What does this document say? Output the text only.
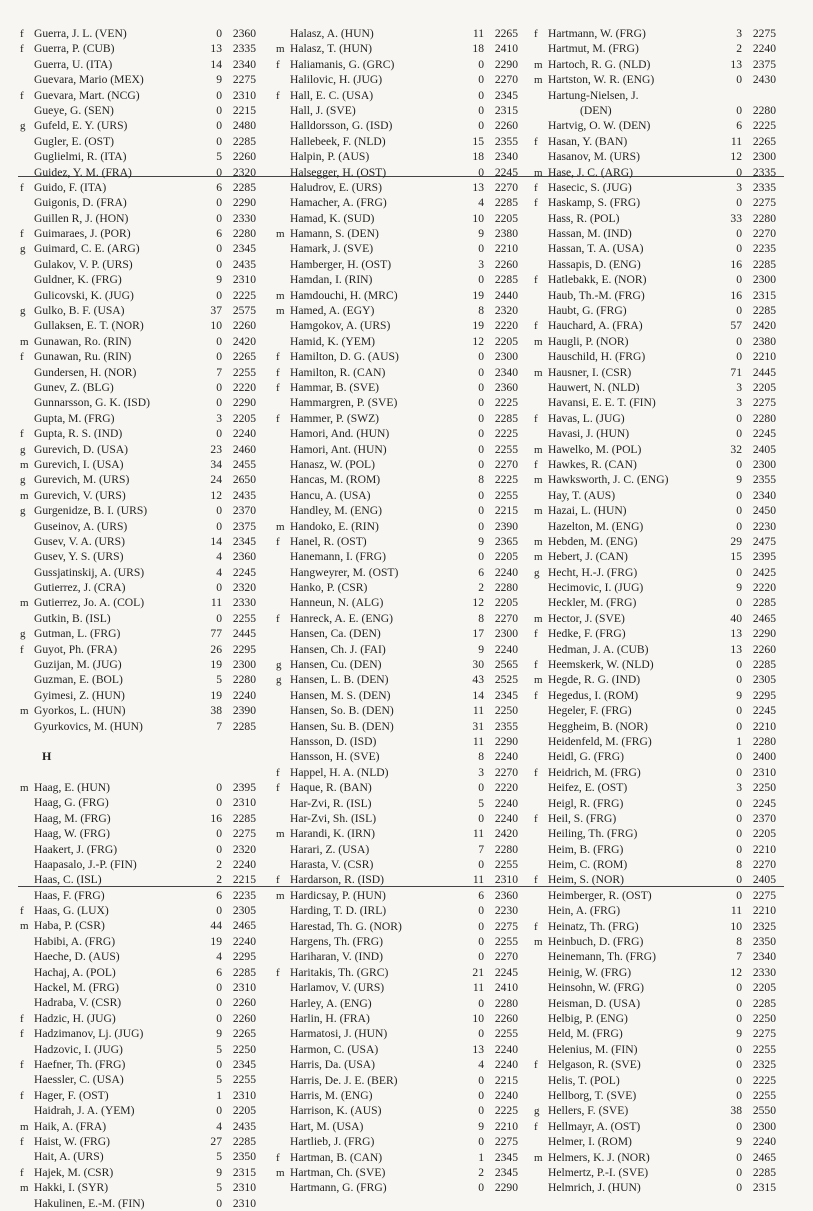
f Guerra, J. L. (VEN)	0 2360
f Guerra, P. (CUB)	13 2335
Guerra, U. (ITA)	14 2340
Guevara, Mario (MEX)	9 2275
f Guevara, Mart. (NCG)	0 2310
Gueye, G. (SEN)	0 2215
g Gufeld, E. Y. (URS)	0 2480
Gugler, E. (OST)	0 2285
Guglielmi, R. (ITA)	5 2260
Guidez, Y. M. (FRA)	0 2320
f Guido, F. (ITA)	6 2285
Guigonis, D. (FRA)	0 2290
Guillen R, J. (HON)	0 2330
f Guimaraes, J. (POR)	6 2280
g Guimard, C. E. (ARG)	0 2345
Gulakov, V. P. (URS)	0 2435
Guldner, K. (FRG)	9 2310
Gulicovski, K. (JUG)	0 2225
g Gulko, B. F. (USA)	37 2575
Gullaksen, E. T. (NOR)	10 2260
m Gunawan, Ro. (RIN)	0 2420
f Gunawan, Ru. (RIN)	0 2265
Gundersen, H. (NOR)	7 2255
Gunev, Z. (BLG)	0 2220
Gunnarsson, G. K. (ISD)	0 2290
Gupta, M. (FRG)	3 2205
f Gupta, R. S. (IND)	0 2240
g Gurevich, D. (USA)	23 2460
m Gurevich, I. (USA)	34 2455
g Gurevich, M. (URS)	24 2650
m Gurevich, V. (URS)	12 2435
g Gurgenidze, B. I. (URS)	0 2370
Guseinov, A. (URS)	0 2375
Gusev, V. A. (URS)	14 2345
Gusev, Y. S. (URS)	4 2360
Gussjatinskij, A. (URS)	4 2245
Gutierrez, J. (CRA)	0 2320
m Gutierrez, Jo. A. (COL)	11 2330
Gutkin, B. (ISL)	0 2255
g Gutman, L. (FRG)	77 2445
f Guyot, Ph. (FRA)	26 2295
Guzijan, M. (JUG)	19 2300
Guzman, E. (BOL)	5 2280
Gyimesi, Z. (HUN)	19 2240
m Gyorkos, L. (HUN)	38 2390
Gyurkovics, M. (HUN)	7 2285
H
m Haag, E. (HUN)	0 2395
Haag, G. (FRG)	0 2310
Haag, M. (FRG)	16 2285
Haag, W. (FRG)	0 2275
Haakert, J. (FRG)	0 2320
Haapasalo, J.-P. (FIN)	2 2240
Haas, C. (ISL)	2 2215
Haas, F. (FRG)	6 2235
f Haas, G. (LUX)	0 2305
m Haba, P. (CSR)	44 2465
Habibi, A. (FRG)	19 2240
Haeche, D. (AUS)	4 2295
Hachaj, A. (POL)	6 2285
Hackel, M. (FRG)	0 2310
Hadraba, V. (CSR)	0 2260
f Hadzic, H. (JUG)	0 2260
f Hadzimanov, Lj. (JUG)	9 2265
Hadzovic, I. (JUG)	5 2250
f Haefner, Th. (FRG)	0 2345
Haessler, C. (USA)	5 2255
f Hager, F. (OST)	1 2310
Haidrah, J. A. (YEM)	0 2205
m Haik, A. (FRA)	4 2435
f Haist, W. (FRG)	27 2285
Hait, A. (URS)	5 2350
f Hajek, M. (CSR)	9 2315
m Hakki, I. (SYR)	5 2310
Hakulinen, E.-M. (FIN)	0 2310
Halasz, A. (HUN)	11 2265
m Halasz, T. (HUN)	18 2410
f Haliamanis, G. (GRC)	0 2290
Halilovic, H. (JUG)	0 2270
f Hall, E. C. (USA)	0 2345
Hall, J. (SVE)	0 2315
Halldorsson, G. (ISD)	0 2260
Hallebeek, F. (NLD)	15 2355
Halpin, P. (AUS)	18 2340
Halsegger, H. (OST)	0 2245
Haludrov, E. (URS)	13 2270
Hamacher, A. (FRG)	4 2285
Hamad, K. (SUD)	10 2205
m Hamann, S. (DEN)	9 2380
Hamark, J. (SVE)	0 2210
Hamberger, H. (OST)	3 2260
Hamdan, I. (RIN)	0 2285
m Hamdouchi, H. (MRC)	19 2440
m Hamed, A. (EGY)	8 2320
Hamgokov, A. (URS)	19 2220
Hamid, K. (YEM)	12 2205
f Hamilton, D. G. (AUS)	0 2300
f Hamilton, R. (CAN)	0 2340
f Hammar, B. (SVE)	0 2360
Hammargren, P. (SVE)	0 2225
f Hammer, P. (SWZ)	0 2285
Hamori, And. (HUN)	0 2225
Hamori, Ant. (HUN)	0 2255
Hanasz, W. (POL)	0 2270
Hancas, M. (ROM)	8 2225
Hancu, A. (USA)	0 2255
Handley, M. (ENG)	0 2215
m Handoko, E. (RIN)	0 2390
f Hanel, R. (OST)	9 2365
Hanemann, I. (FRG)	0 2205
Hangweyrer, M. (OST)	6 2240
Hanko, P. (CSR)	2 2280
Hanneun, N. (ALG)	12 2205
f Hanreck, A. E. (ENG)	8 2270
Hansen, Ca. (DEN)	17 2300
Hansen, Ch. J. (FAI)	9 2240
g Hansen, Cu. (DEN)	30 2565
g Hansen, L. B. (DEN)	43 2525
Hansen, M. S. (DEN)	14 2345
Hansen, So. B. (DEN)	11 2250
Hansen, Su. B. (DEN)	31 2355
Hansson, D. (ISD)	11 2290
Hansson, H. (SVE)	8 2240
f Happel, H. A. (NLD)	3 2270
f Haque, R. (BAN)	0 2220
Har-Zvi, R. (ISL)	5 2240
Har-Zvi, Sh. (ISL)	0 2240
m Harandi, K. (IRN)	11 2420
Harari, Z. (USA)	7 2280
Harasta, V. (CSR)	0 2255
f Hardarson, R. (ISD)	11 2310
m Hardicsay, P. (HUN)	6 2360
Harding, T. D. (IRL)	0 2230
Harestad, Th. G. (NOR)	0 2275
Hargens, Th. (FRG)	0 2255
Hariharan, V. (IND)	0 2270
f Haritakis, Th. (GRC)	21 2245
Harlamov, V. (URS)	11 2410
Harley, A. (ENG)	0 2280
Harlin, H. (FRA)	10 2260
Harmatosi, J. (HUN)	0 2255
Harmon, C. (USA)	13 2240
Harris, Da. (USA)	4 2240
Harris, De. J. E. (BER)	0 2215
Harris, M. (ENG)	0 2240
Harrison, K. (AUS)	0 2225
Hart, M. (USA)	9 2210
Hartlieb, J. (FRG)	0 2275
f Hartman, B. (CAN)	1 2345
m Hartman, Ch. (SVE)	2 2345
Hartmann, G. (FRG)	0 2290
f Hartmann, W. (FRG)	3 2275
Hartmut, M. (FRG)	2 2240
m Hartoch, R. G. (NLD)	13 2375
m Hartston, W. R. (ENG)	0 2430
Hartung-Nielsen, J.
(DEN)	0 2280
Hartvig, O. W. (DEN)	6 2225
f Hasan, Y. (BAN)	11 2265
Hasanov, M. (URS)	12 2300
m Hase, J. C. (ARG)	0 2335
f Hasecic, S. (JUG)	3 2335
f Haskamp, S. (FRG)	0 2275
Hass, R. (POL)	33 2280
Hassan, M. (IND)	0 2270
Hassan, T. A. (USA)	0 2235
Hassapis, D. (ENG)	16 2285
f Hatlebakk, E. (NOR)	0 2300
Haub, Th.-M. (FRG)	16 2315
Haubt, G. (FRG)	0 2285
f Hauchard, A. (FRA)	57 2420
m Haugli, P. (NOR)	0 2380
Hauschild, H. (FRG)	0 2210
m Hausner, I. (CSR)	71 2445
Hauwert, N. (NLD)	3 2205
Havansi, E. E. T. (FIN)	3 2275
f Havas, L. (JUG)	0 2280
Havasi, J. (HUN)	0 2245
m Hawelko, M. (POL)	32 2405
f Hawkes, R. (CAN)	0 2300
m Hawksworth, J. C. (ENG)	9 2355
Hay, T. (AUS)	0 2340
m Hazai, L. (HUN)	0 2450
Hazelton, M. (ENG)	0 2230
m Hebden, M. (ENG)	29 2475
m Hebert, J. (CAN)	15 2395
g Hecht, H.-J. (FRG)	0 2425
Hecimovic, I. (JUG)	9 2220
Heckler, M. (FRG)	0 2285
m Hector, J. (SVE)	40 2465
f Hedke, F. (FRG)	13 2290
Hedman, J. A. (CUB)	13 2260
f Heemskerk, W. (NLD)	0 2285
m Hegde, R. G. (IND)	0 2305
f Hegedus, I. (ROM)	9 2295
Hegeler, F. (FRG)	0 2245
Heggheim, B. (NOR)	0 2210
Heidenfeld, M. (FRG)	1 2280
Heidl, G. (FRG)	0 2400
f Heidrich, M. (FRG)	0 2310
Heifez, E. (OST)	3 2250
Heigl, R. (FRG)	0 2245
f Heil, S. (FRG)	0 2370
Heiling, Th. (FRG)	0 2205
Heim, B. (FRG)	0 2210
Heim, C. (ROM)	8 2270
f Heim, S. (NOR)	0 2405
Heimberger, R. (OST)	0 2275
Hein, A. (FRG)	11 2210
f Heinatz, Th. (FRG)	10 2325
m Heinbuch, D. (FRG)	8 2350
Heinemann, Th. (FRG)	7 2340
Heinig, W. (FRG)	12 2330
Heinsohn, W. (FRG)	0 2205
Heisman, D. (USA)	0 2285
Helbig, P. (ENG)	0 2250
Held, M. (FRG)	9 2275
Helenius, M. (FIN)	0 2255
f Helgason, R. (SVE)	0 2325
Helis, T. (POL)	0 2225
Hellborg, T. (SVE)	0 2255
g Hellers, F. (SVE)	38 2550
f Hellmayr, A. (OST)	0 2300
Helmer, I. (ROM)	9 2240
m Helmers, K. J. (NOR)	0 2465
Helmertz, P.-I. (SVE)	0 2285
Helmrich, J. (HUN)	0 2315
